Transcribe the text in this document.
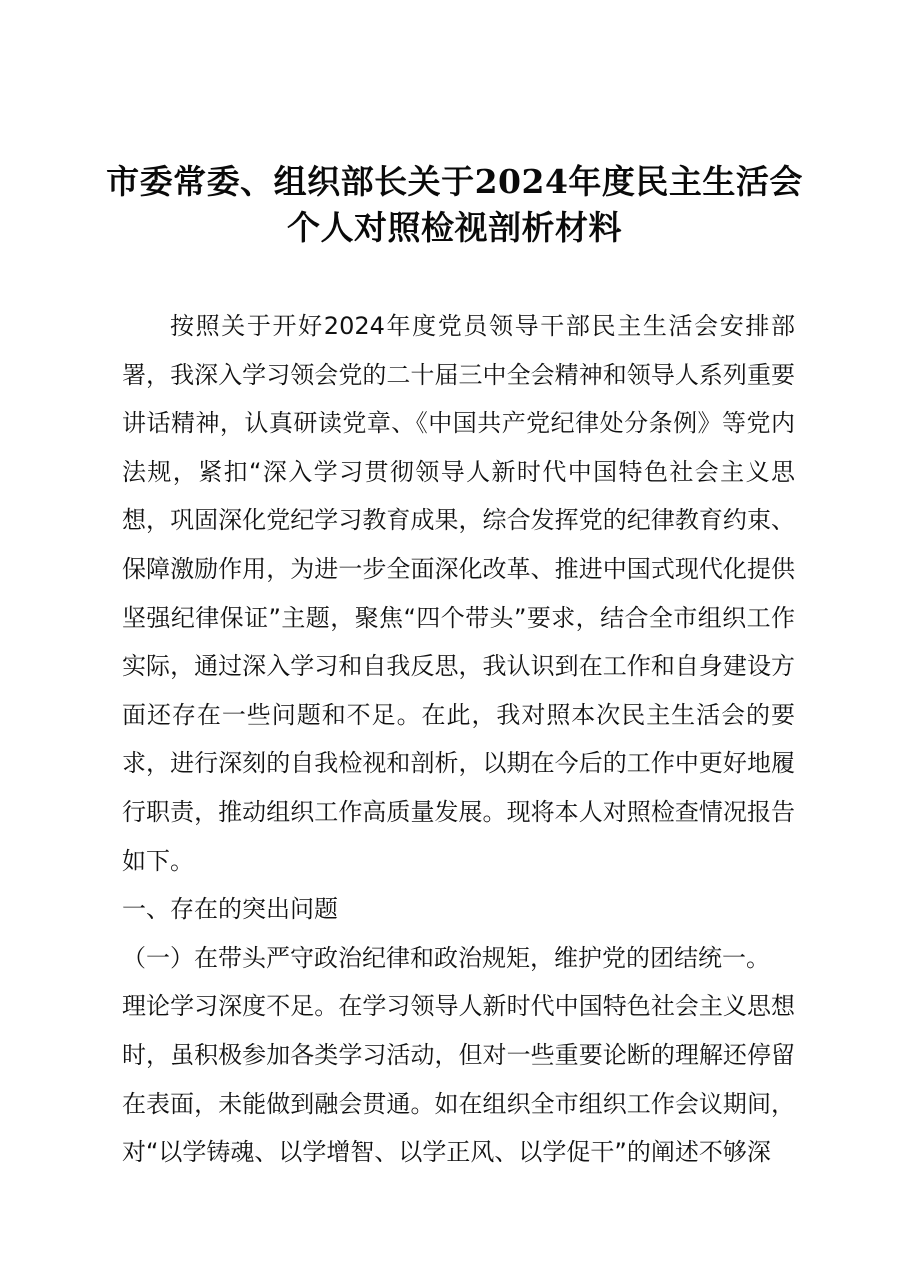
市委常委、组织部长关于2024年度民主生活会
个人对照检视剖析材料

按照关于开好2024年度党员领导干部民主生活会安排部署，我深入学习领会党的二十届三中全会精神和领导人系列重要讲话精神，认真研读党章、《中国共产党纪律处分条例》等党内法规，紧扣“深入学习贯彻领导人新时代中国特色社会主义思想，巩固深化党纪学习教育成果，综合发挥党的纪律教育约束、保障激励作用，为进一步全面深化改革、推进中国式现代化提供坚强纪律保证”主题，聚焦“四个带头”要求，结合全市组织工作实际，通过深入学习和自我反思，我认识到在工作和自身建设方面还存在一些问题和不足。在此，我对照本次民主生活会的要求，进行深刻的自我检视和剖析，以期在今后的工作中更好地履行职责，推动组织工作高质量发展。现将本人对照检查情况报告如下。

一、存在的突出问题

（一）在带头严守政治纪律和政治规矩，维护党的团结统一。

理论学习深度不足。在学习领导人新时代中国特色社会主义思想时，虽积极参加各类学习活动，但对一些重要论断的理解还停留在表面，未能做到融会贯通。如在组织全市组织工作会议期间，对“以学铸魂、以学增智、以学正风、以学促干”的阐述不够深
